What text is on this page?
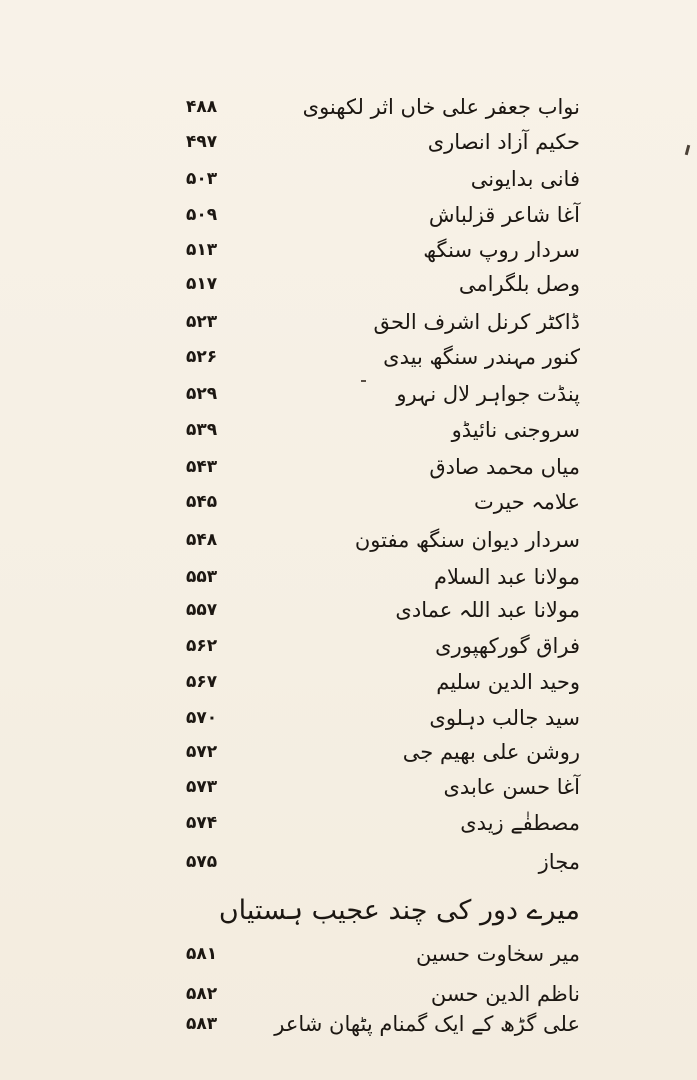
۴۸۸	نواب جعفر علی خاں اثر لکھنوی
۴۹۷	حکیم آزاد انصاری
۵۰۳	فانی بدایونی
۵۰۹	آغا شاعر قزلباش
۵۱۳	سردار روپ سنگھ
۵۱۷	وصل بلگرامی
۵۲۳	ڈاکٹر کرنل اشرف الحق
۵۲۶	کنور مہندر سنگھ بیدی
۵۲۹	پنڈت جواہر لال نہرو
۵۳۹	سروجنی نائیڈو
۵۴۳	میاں محمد صادق
۵۴۵	علامہ حیرت
۵۴۸	سردار دیوان سنگھ مفتون
۵۵۳	مولانا عبد السلام
۵۵۷	مولانا عبد اللہ عمادی
۵۶۲	فراق گورکھپوری
۵۶۷	وحید الدین سلیم
۵۷۰	سید جالب دہلوی
۵۷۲	روشن علی بھیم جی
۵۷۳	آغا حسن عابدی
۵۷۴	مصطفٰے زیدی
۵۷۵	مجاز
میرے دور کی چند عجیب ہستیاں
۵۸۱	میر سخاوت حسین
۵۸۲	ناظم الدین حسن
۵۸۳	علی گڑھ کے ایک گمنام پٹھان شاعر
